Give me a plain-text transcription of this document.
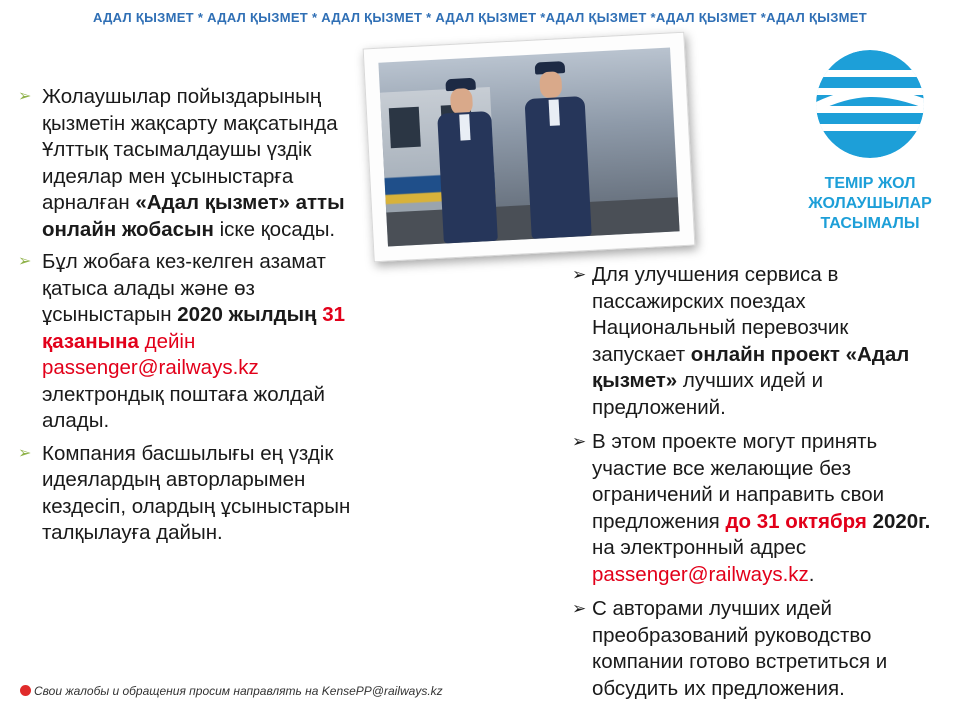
АДАЛ ҚЫЗМЕТ * АДАЛ ҚЫЗМЕТ * АДАЛ ҚЫЗМЕТ * АДАЛ ҚЫЗМЕТ *АДАЛ ҚЫЗМЕТ *АДАЛ ҚЫЗМЕТ *АДАЛ ҚЫЗМЕТ
ТЕМІР ЖОЛ
ЖОЛАУШЫЛАР
ТАСЫМАЛЫ
➢ Жолаушылар пойыздарының қызметін жақсарту мақсатында Ұлттық тасымалдаушы үздік идеялар мен ұсыныстарға арналған «Адал қызмет» атты онлайн жобасын іске қосады.
➢ Бұл жобаға кез-келген азамат қатыса алады және өз ұсыныстарын 2020 жылдың 31 қазанына дейін passenger@railways.kz электрондық поштаға жолдай алады.
➢ Компания басшылығы ең үздік идеялардың авторларымен кездесіп, олардың ұсыныстарын талқылауға дайын.
➢ Для улучшения сервиса в пассажирских поездах Национальный перевозчик запускает онлайн проект «Адал қызмет» лучших идей и предложений.
➢ В этом проекте могут принять участие все желающие без ограничений и направить свои предложения до 31 октября 2020г. на электронный адрес passenger@railways.kz.
➢ С авторами лучших идей преобразований руководство компании готово встретиться и обсудить их предложения.
Свои жалобы и обращения просим направлять на KensePP@railways.kz
